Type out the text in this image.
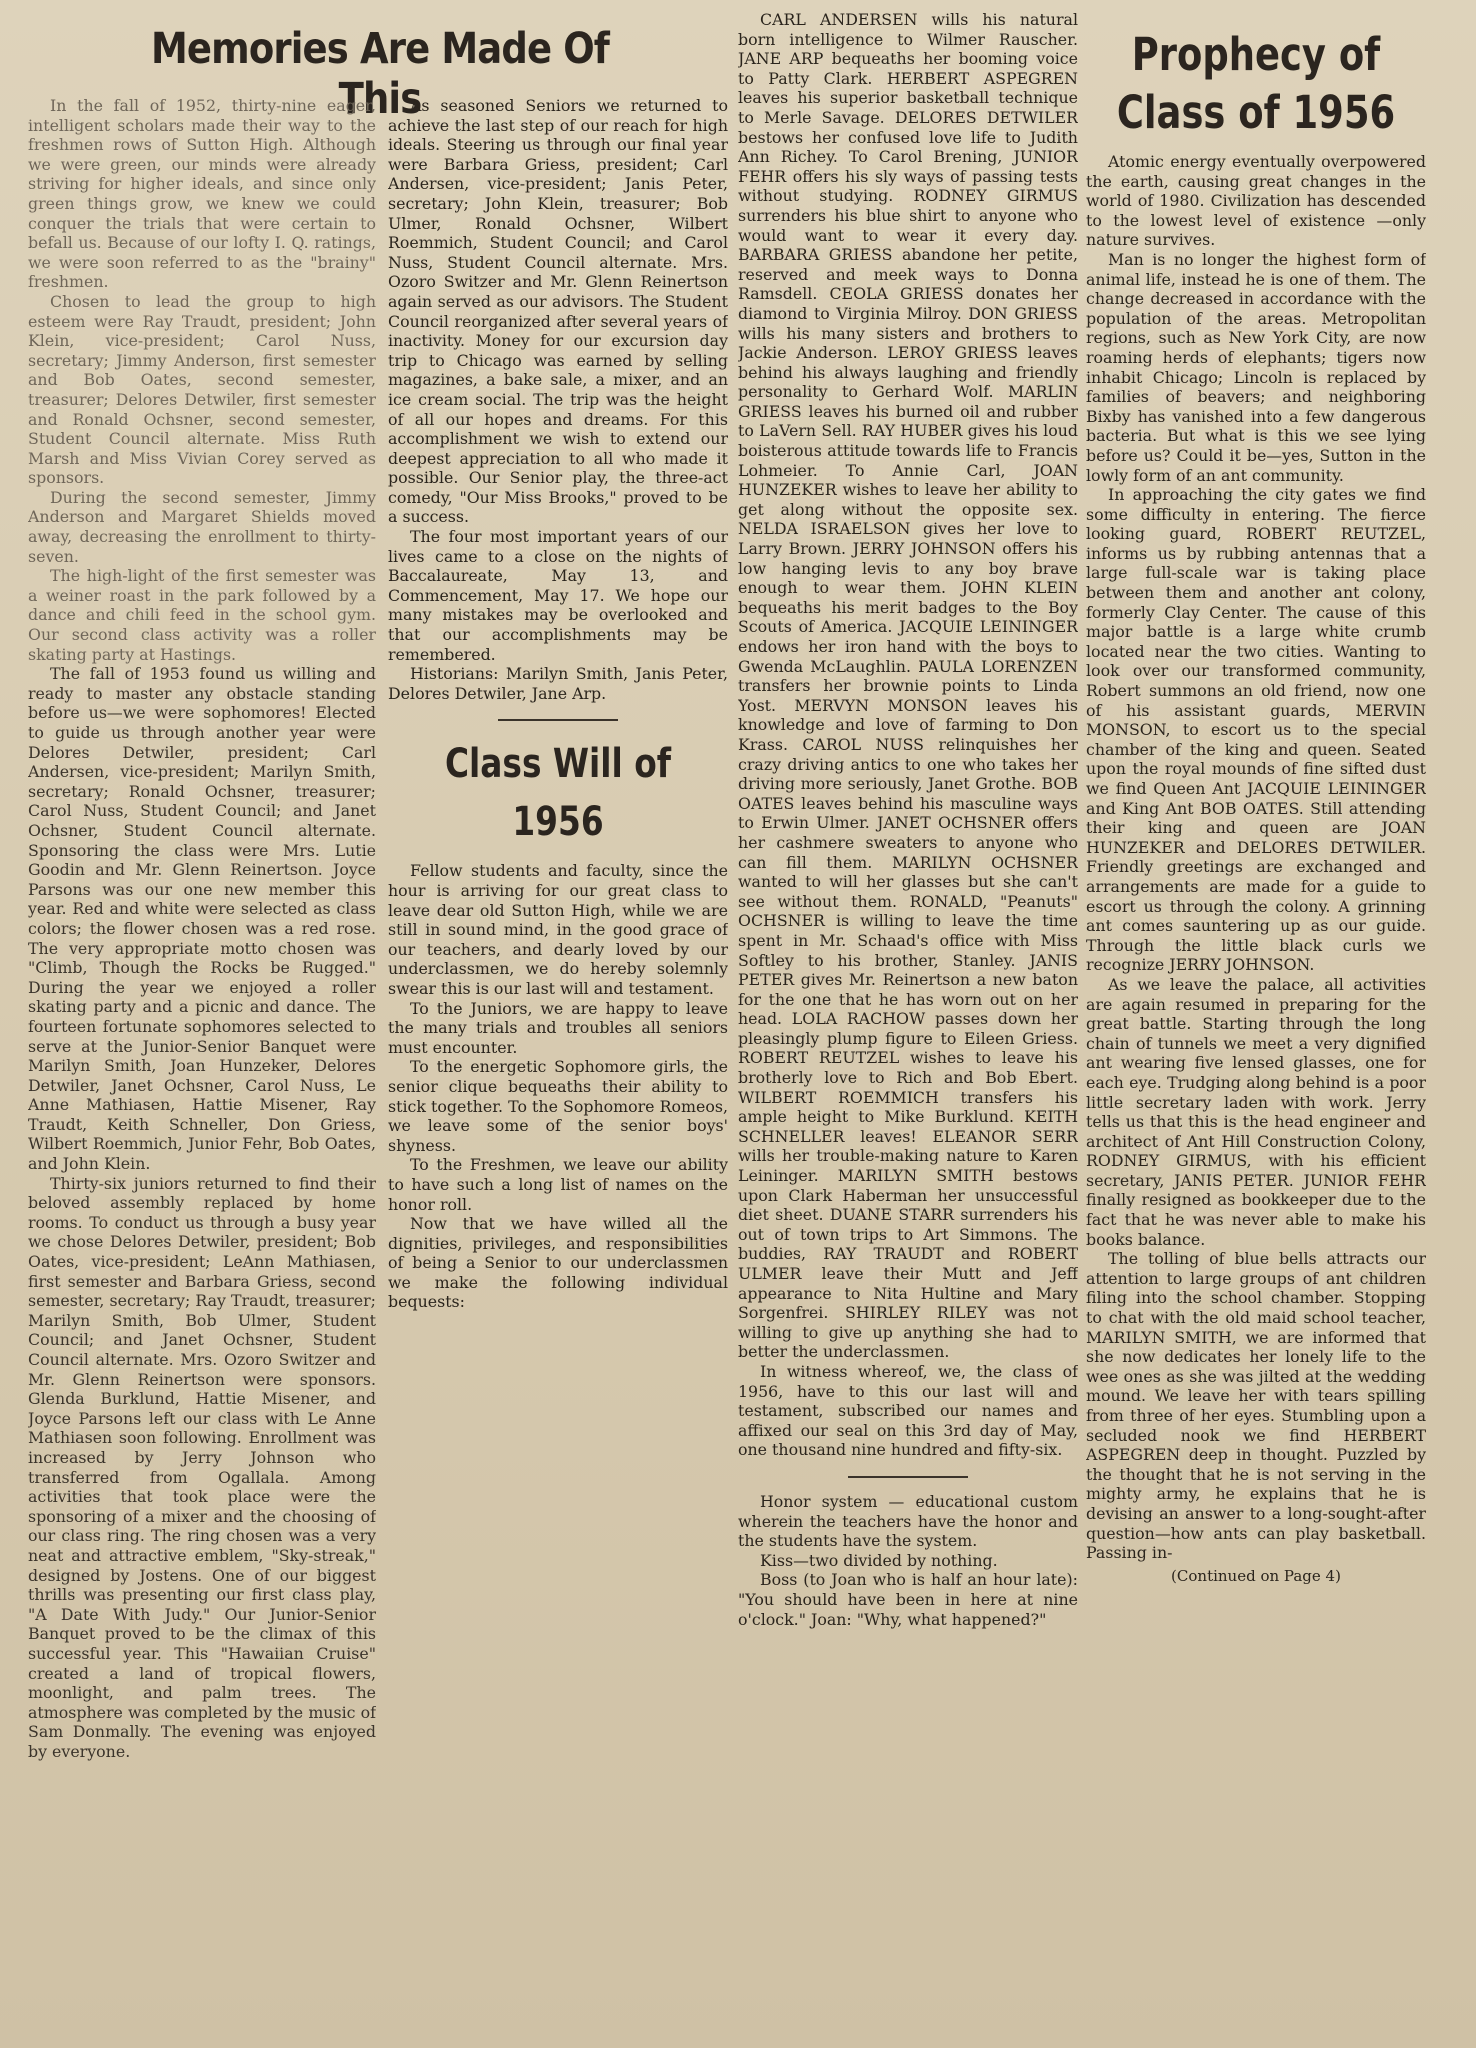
Memories Are Made Of This

In the fall of 1952, thirty-nine eager, intelligent scholars made their way to the freshmen rows of Sutton High. Although we were green, our minds were already striving for higher ideals, and since only green things grow, we knew we could conquer the trials that were certain to befall us. Because of our lofty I. Q. ratings, we were soon referred to as the "brainy" freshmen.

Chosen to lead the group to high esteem were Ray Traudt, president; John Klein, vice-president; Carol Nuss, secretary; Jimmy Anderson, first semester and Bob Oates, second semester, treasurer; Delores Detwiler, first semester and Ronald Ochsner, second semester, Student Council alternate. Miss Ruth Marsh and Miss Vivian Corey served as sponsors.

During the second semester, Jimmy Anderson and Margaret Shields moved away, decreasing the enrollment to thirty-seven.

The high-light of the first semester was a weiner roast in the park followed by a dance and chili feed in the school gym. Our second class activity was a roller skating party at Hastings.

The fall of 1953 found us willing and ready to master any obstacle standing before us—we were sophomores! Elected to guide us through another year were Delores Detwiler, president; Carl Andersen, vice-president; Marilyn Smith, secretary; Ronald Ochsner, treasurer; Carol Nuss, Student Council; and Janet Ochsner, Student Council alternate. Sponsoring the class were Mrs. Lutie Goodin and Mr. Glenn Reinertson. Joyce Parsons was our one new member this year. Red and white were selected as class colors; the flower chosen was a red rose. The very appropriate motto chosen was "Climb, Though the Rocks be Rugged." During the year we enjoyed a roller skating party and a picnic and dance. The fourteen fortunate sophomores selected to serve at the Junior-Senior Banquet were Marilyn Smith, Joan Hunzeker, Delores Detwiler, Janet Ochsner, Carol Nuss, Le Anne Mathiasen, Hattie Misener, Ray Traudt, Keith Schneller, Don Griess, Wilbert Roemmich, Junior Fehr, Bob Oates, and John Klein.

Thirty-six juniors returned to find their beloved assembly replaced by home rooms. To conduct us through a busy year we chose Delores Detwiler, president; Bob Oates, vice-president; LeAnn Mathiasen, first semester and Barbara Griess, second semester, secretary; Ray Traudt, treasurer; Marilyn Smith, Bob Ulmer, Student Council; and Janet Ochsner, Student Council alternate. Mrs. Ozoro Switzer and Mr. Glenn Reinertson were sponsors. Glenda Burklund, Hattie Misener, and Joyce Parsons left our class with Le Anne Mathiasen soon following. Enrollment was increased by Jerry Johnson who transferred from Ogallala. Among activities that took place were the sponsoring of a mixer and the choosing of our class ring. The ring chosen was a very neat and attractive emblem, "Sky-streak," designed by Jostens. One of our biggest thrills was presenting our first class play, "A Date With Judy." Our Junior-Senior Banquet proved to be the climax of this successful year. This "Hawaiian Cruise" created a land of tropical flowers, moonlight, and palm trees. The atmosphere was completed by the music of Sam Donmally. The evening was enjoyed by everyone.

As seasoned Seniors we returned to achieve the last step of our reach for high ideals. Steering us through our final year were Barbara Griess, president; Carl Andersen, vice-president; Janis Peter, secretary; John Klein, treasurer; Bob Ulmer, Ronald Ochsner, Wilbert Roemmich, Student Council; and Carol Nuss, Student Council alternate. Mrs. Ozoro Switzer and Mr. Glenn Reinertson again served as our advisors. The Student Council reorganized after several years of inactivity. Money for our excursion day trip to Chicago was earned by selling magazines, a bake sale, a mixer, and an ice cream social. The trip was the height of all our hopes and dreams. For this accomplishment we wish to extend our deepest appreciation to all who made it possible. Our Senior play, the three-act comedy, "Our Miss Brooks," proved to be a success.

The four most important years of our lives came to a close on the nights of Baccalaureate, May 13, and Commencement, May 17. We hope our many mistakes may be overlooked and that our accomplishments may be remembered.

Historians: Marilyn Smith, Janis Peter, Delores Detwiler, Jane Arp.

Class Will of 1956

Fellow students and faculty, since the hour is arriving for our great class to leave dear old Sutton High, while we are still in sound mind, in the good grace of our teachers, and dearly loved by our underclassmen, we do hereby solemnly swear this is our last will and testament.

To the Juniors, we are happy to leave the many trials and troubles all seniors must encounter.

To the energetic Sophomore girls, the senior clique bequeaths their ability to stick together. To the Sophomore Romeos, we leave some of the senior boys' shyness.

To the Freshmen, we leave our ability to have such a long list of names on the honor roll.

Now that we have willed all the dignities, privileges, and responsibilities of being a Senior to our underclassmen we make the following individual bequests:

CARL ANDERSEN wills his natural born intelligence to Wilmer Rauscher. JANE ARP bequeaths her booming voice to Patty Clark. HERBERT ASPEGREN leaves his superior basketball technique to Merle Savage. DELORES DETWILER bestows her confused love life to Judith Ann Richey. To Carol Brening, JUNIOR FEHR offers his sly ways of passing tests without studying. RODNEY GIRMUS surrenders his blue shirt to anyone who would want to wear it every day. BARBARA GRIESS abandone her petite, reserved and meek ways to Donna Ramsdell. CEOLA GRIESS donates her diamond to Virginia Milroy. DON GRIESS wills his many sisters and brothers to Jackie Anderson. LEROY GRIESS leaves behind his always laughing and friendly personality to Gerhard Wolf. MARLIN GRIESS leaves his burned oil and rubber to LaVern Sell. RAY HUBER gives his loud boisterous attitude towards life to Francis Lohmeier. To Annie Carl, JOAN HUNZEKER wishes to leave her ability to get along without the opposite sex. NELDA ISRAELSON gives her love to Larry Brown. JERRY JOHNSON offers his low hanging levis to any boy brave enough to wear them. JOHN KLEIN bequeaths his merit badges to the Boy Scouts of America. JACQUIE LEININGER endows her iron hand with the boys to Gwenda McLaughlin. PAULA LORENZEN transfers her brownie points to Linda Yost. MERVYN MONSON leaves his knowledge and love of farming to Don Krass. CAROL NUSS relinquishes her crazy driving antics to one who takes her driving more seriously, Janet Grothe. BOB OATES leaves behind his masculine ways to Erwin Ulmer. JANET OCHSNER offers her cashmere sweaters to anyone who can fill them. MARILYN OCHSNER wanted to will her glasses but she can't see without them. RONALD, "Peanuts" OCHSNER is willing to leave the time spent in Mr. Schaad's office with Miss Softley to his brother, Stanley. JANIS PETER gives Mr. Reinertson a new baton for the one that he has worn out on her head. LOLA RACHOW passes down her pleasingly plump figure to Eileen Griess. ROBERT REUTZEL wishes to leave his brotherly love to Rich and Bob Ebert. WILBERT ROEMMICH transfers his ample height to Mike Burklund. KEITH SCHNELLER leaves! ELEANOR SERR wills her trouble-making nature to Karen Leininger. MARILYN SMITH bestows upon Clark Haberman her unsuccessful diet sheet. DUANE STARR surrenders his out of town trips to Art Simmons. The buddies, RAY TRAUDT and ROBERT ULMER leave their Mutt and Jeff appearance to Nita Hultine and Mary Sorgenfrei. SHIRLEY RILEY was not willing to give up anything she had to better the underclassmen.

In witness whereof, we, the class of 1956, have to this our last will and testament, subscribed our names and affixed our seal on this 3rd day of May, one thousand nine hundred and fifty-six.

Honor system — educational custom wherein the teachers have the honor and the students have the system.

Kiss—two divided by nothing.

Boss (to Joan who is half an hour late): "You should have been in here at nine o'clock." Joan: "Why, what happened?"

Prophecy of Class of 1956

Atomic energy eventually overpowered the earth, causing great changes in the world of 1980. Civilization has descended to the lowest level of existence —only nature survives.

Man is no longer the highest form of animal life, instead he is one of them. The change decreased in accordance with the population of the areas. Metropolitan regions, such as New York City, are now roaming herds of elephants; tigers now inhabit Chicago; Lincoln is replaced by families of beavers; and neighboring Bixby has vanished into a few dangerous bacteria. But what is this we see lying before us? Could it be—yes, Sutton in the lowly form of an ant community.

In approaching the city gates we find some difficulty in entering. The fierce looking guard, ROBERT REUTZEL, informs us by rubbing antennas that a large full-scale war is taking place between them and another ant colony, formerly Clay Center. The cause of this major battle is a large white crumb located near the two cities. Wanting to look over our transformed community, Robert summons an old friend, now one of his assistant guards, MERVIN MONSON, to escort us to the special chamber of the king and queen. Seated upon the royal mounds of fine sifted dust we find Queen Ant JACQUIE LEININGER and King Ant BOB OATES. Still attending their king and queen are JOAN HUNZEKER and DELORES DETWILER. Friendly greetings are exchanged and arrangements are made for a guide to escort us through the colony. A grinning ant comes sauntering up as our guide. Through the little black curls we recognize JERRY JOHNSON.

As we leave the palace, all activities are again resumed in preparing for the great battle. Starting through the long chain of tunnels we meet a very dignified ant wearing five lensed glasses, one for each eye. Trudging along behind is a poor little secretary laden with work. Jerry tells us that this is the head engineer and architect of Ant Hill Construction Colony, RODNEY GIRMUS, with his efficient secretary, JANIS PETER. JUNIOR FEHR finally resigned as bookkeeper due to the fact that he was never able to make his books balance.

The tolling of blue bells attracts our attention to large groups of ant children filing into the school chamber. Stopping to chat with the old maid school teacher, MARILYN SMITH, we are informed that she now dedicates her lonely life to the wee ones as she was jilted at the wedding mound. We leave her with tears spilling from three of her eyes. Stumbling upon a secluded nook we find HERBERT ASPEGREN deep in thought. Puzzled by the thought that he is not serving in the mighty army, he explains that he is devising an answer to a long-sought-after question—how ants can play basketball. Passing in-

(Continued on Page 4)
